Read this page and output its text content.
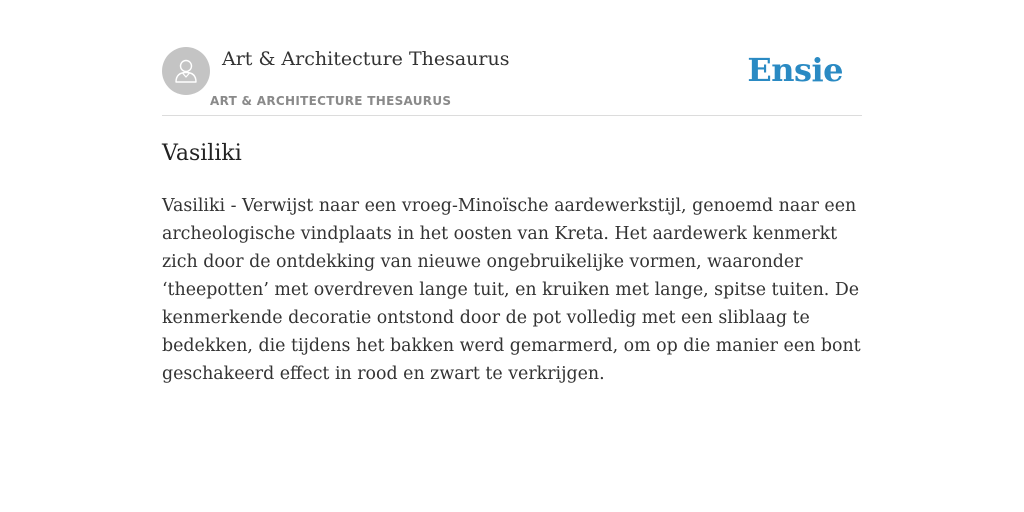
Art & Architecture Thesaurus
ART & ARCHITECTURE THESAURUS
Ensie
Vasiliki

Vasiliki - Verwijst naar een vroeg-Minoïsche aardewerkstijl, genoemd naar een archeologische vindplaats in het oosten van Kreta. Het aardewerk kenmerkt zich door de ontdekking van nieuwe ongebruikelijke vormen, waaronder ‘theepotten’ met overdreven lange tuit, en kruiken met lange, spitse tuiten. De kenmerkende decoratie ontstond door de pot volledig met een sliblaag te bedekken, die tijdens het bakken werd gemarmerd, om op die manier een bont geschakeerd effect in rood en zwart te verkrijgen.
